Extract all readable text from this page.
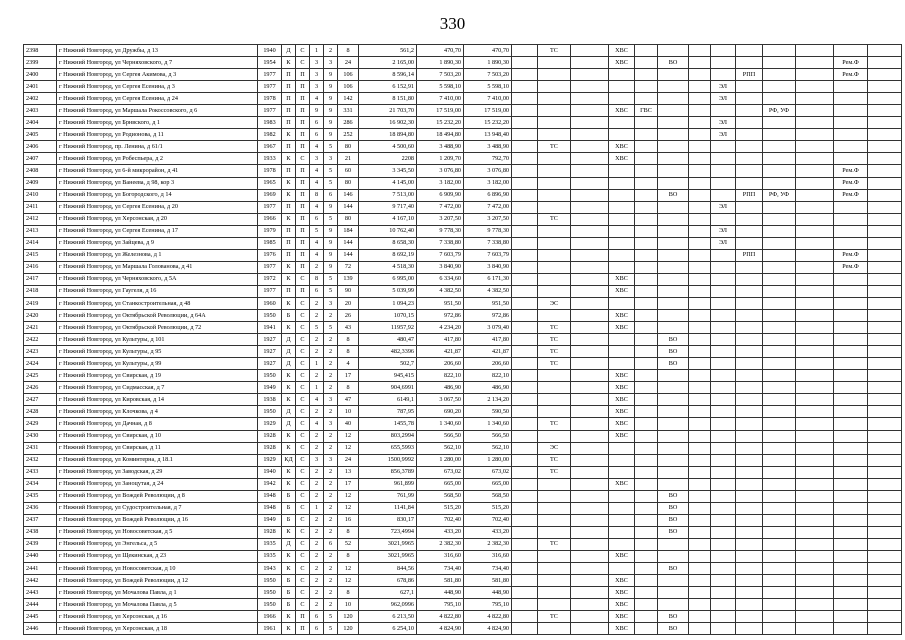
330
2398	г Нижний Новгород, ул Дружбы, д 13	1940	Д	С	1	2	8	561,2	470,70	470,70		ТС		ХВС									
2399	г Нижний Новгород, ул Черняховского, д 7	1954	К	С	3	3	24	2 165,00	1 890,30	1 890,30				ХВС		ВО						Рем.Ф	
2400	г Нижний Новгород, ул Сергея Акимова, д 3	1977	П	П	3	9	106	8 596,14	7 503,20	7 503,20									РПП			Рем.Ф	
2401	г Нижний Новгород, ул Сергея Есенина, д 3	1977	П	П	3	9	106	6 152,91	5 598,10	5 598,10								ЭЛ					
2402	г Нижний Новгород, ул Сергея Есенина, д 24	1978	П	П	4	9	142	8 151,80	7 410,00	7 410,00								ЭЛ					
2403	г Нижний Новгород, ул Маршала Рокоссовского, д 6	1977	П	П	9	9	331	21 703,70	17 519,00	17 519,00				ХВС	ГВС					РФ, УФ			
2404	г Нижний Новгород, ул Брнвского, д 1	1983	П	П	6	9	286	16 902,30	15 232,20	15 232,20								ЭЛ					
2405	г Нижний Новгород, ул Родионова, д 11	1982	К	П	6	9	252	18 894,80	18 494,80	13 948,40								ЭЛ					
2406	г Нижний Новгород, пр. Ленина, д 61/1	1967	П	П	4	5	80	4 500,60	3 488,90	3 488,90		ТС		ХВС									
2407	г Нижний Новгород, ул Робеспьера, д 2	1933	К	С	3	3	21	2208	1 209,70	792,70				ХВС									
2408	г Нижний Новгород, ул 6-й микрорайон, д 41	1978	П	П	4	5	60	3 345,50	3 076,80	3 076,80												Рем.Ф	
2409	г Нижний Новгород, ул Ванеева, д 98, кор 3	1965	К	П	4	5	80	4 145,00	3 182,00	3 182,00												Рем.Ф	
2410	г Нижний Новгород, ул Богородского, д 14	1969	К	П	8	6	146	7 513,00	6 909,90	6 896,90						ВО			РПП	РФ, УФ		Рем.Ф	
2411	г Нижний Новгород, ул Сергея Есенина, д 20	1977	П	П	4	9	144	9 717,40	7 472,00	7 472,00								ЭЛ					
2412	г Нижний Новгород, ул Херсонская, д 20	1966	К	П	6	5	80	4 167,10	3 207,50	3 207,50		ТС											
2413	г Нижний Новгород, ул Сергея Есенина, д 17	1979	П	П	5	9	184	10 762,40	9 778,30	9 778,30								ЭЛ					
2414	г Нижний Новгород, ул Зайцева, д 9	1985	П	П	4	9	144	8 658,30	7 338,80	7 338,80								ЭЛ					
2415	г Нижний Новгород, ул Железнова, д 1	1976	П	П	4	9	144	8 692,19	7 603,79	7 603,79									РПП			Рем.Ф	
2416	г Нижний Новгород, ул Маршала Голованова, д 41	1977	К	П	2	9	72	4 518,30	3 840,90	3 840,90												Рем.Ф	
2417	г Нижний Новгород, ул Черняховского, д 5А	1972	К	С	8	5	139	6 995,00	6 334,60	6 171,30				ХВС									
2418	г Нижний Новгород, ул Гаугеля, д 16	1977	П	П	6	5	90	5 039,99	4 382,50	4 382,50				ХВС									
2419	г Нижний Новгород, ул Станкостроительная, д 48	1960	К	С	2	3	20	1 094,23	951,50	951,50		ЭС											
2420	г Нижний Новгород, ул Октябрьской Революции, д 64А	1950	Б	С	2	2	26	1070,15	972,86	972,86				ХВС									
2421	г Нижний Новгород, ул Октябрьской Революции, д 72	1941	К	С	5	5	43	11957,92	4 234,20	3 079,40		ТС		ХВС									
2422	г Нижний Новгород, ул Культуры, д 101	1927	Д	С	2	2	8	480,47	417,80	417,80		ТС				ВО							
2423	г Нижний Новгород, ул Культуры, д 95	1927	Д	С	2	2	8	482,3396	421,87	421,87		ТС				ВО							
2424	г Нижний Новгород, ул Культуры, д 99	1927	Д	С	1	2	4	502,7	206,60	206,60		ТС				ВО							
2425	г Нижний Новгород, ул Свирская, д 19	1950	К	С	2	2	17	945,415	822,10	822,10				ХВС									
2426	г Нижний Новгород, ул Сидмасская, д 7	1949	К	С	1	2	8	904,6991	486,90	486,90				ХВС									
2427	г Нижний Новгород, ул Кировская, д 14	1938	К	С	4	3	47	6149,1	3 067,50	2 134,20				ХВС									
2428	г Нижний Новгород, ул Клочкова, д 4	1950	Д	С	2	2	10	787,95	690,20	590,50				ХВС									
2429	г Нижний Новгород, ул Дачная, д 8	1929	Д	С	4	3	40	1455,78	1 340,60	1 340,60		ТС		ХВС									
2430	г Нижний Новгород, ул Свирская, д 10	1928	К	С	2	2	12	803,2994	566,50	566,50				ХВС									
2431	г Нижний Новгород, ул Свирская, д 11	1928	К	С	2	2	12	655,5993	562,10	562,10		ЭС											
2432	г Нижний Новгород, ул Коминтерна, д 18.1	1929	КД	С	3	3	24	1500,9992	1 280,00	1 280,00		ТС											
2433	г Нижний Новгород, ул Заводская, д 29	1940	К	С	2	2	13	856,3789	673,02	673,02		ТС											
2434	г Нижний Новгород, ул Заноцутая, д 24	1942	К	С	2	2	17	961,899	665,00	665,00				ХВС									
2435	г Нижний Новгород, ул Вождей Революции, д 8	1948	Б	С	2	2	12	761,99	568,50	568,50						ВО							
2436	г Нижний Новгород, ул Судостроительная, д 7	1948	Б	С	1	2	12	1141,84	515,20	515,20						ВО							
2437	г Нижний Новгород, ул Вождей Революции, д 16	1949	Б	С	2	2	16	830,17	702,40	702,40						ВО							
2438	г Нижний Новгород, ул Новосоветская, д 5	1928	К	С	2	2	8	723,4994	433,20	433,20						ВО							
2439	г Нижний Новгород, ул Энгельса, д 5	1935	Д	С	2	6	52	3021,9965	2 382,30	2 382,30		ТС											
2440	г Нижний Новгород, ул Щекинская, д 23	1935	К	С	2	2	8	3021,9965	316,60	316,60				ХВС									
2441	г Нижний Новгород, ул Новосоветская, д 10	1943	К	С	2	2	12	844,56	734,40	734,40						ВО							
2442	г Нижний Новгород, ул Вождей Революции, д 12	1950	Б	С	2	2	12	678,86	581,80	581,80				ХВС									
2443	г Нижний Новгород, ул Мочалова Павла, д 1	1950	Б	С	2	2	8	627,1	448,90	448,90				ХВС									
2444	г Нижний Новгород, ул Мочалова Павла, д 5	1950	Б	С	2	2	10	962,0996	795,10	795,10				ХВС									
2445	г Нижний Новгород, ул Херсонская, д 16	1966	К	П	6	5	120	6 213,50	4 822,80	4 822,80		ТС		ХВС		ВО							
2446	г Нижний Новгород, ул Херсонская, д 18	1961	К	П	6	5	120	6 254,10	4 824,90	4 824,90				ХВС		ВО							
